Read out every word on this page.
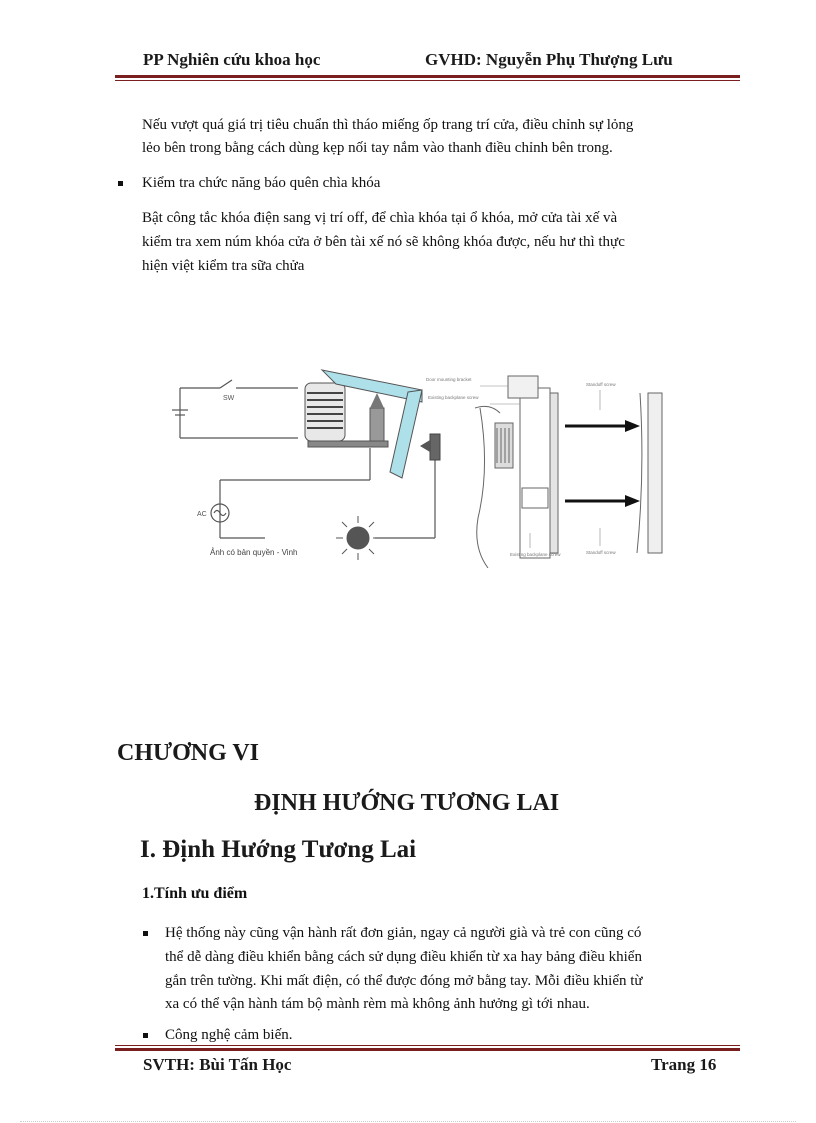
PP Nghiên cứu khoa học	GVHD: Nguyễn Phụ Thượng Lưu
Nếu vượt quá giá trị tiêu chuẩn thì tháo miếng ốp trang trí cửa, điều chỉnh sự lỏng
lẻo bên trong bằng cách dùng kẹp nối tay nắm vào thanh điều chỉnh bên trong.
Kiểm tra chức năng báo quên chìa khóa
Bật công tắc khóa điện sang vị trí off, để chìa khóa tại ổ khóa, mở cửa tài xế và
kiểm tra xem núm khóa cửa ở bên tài xế nó sẽ không khóa được, nếu hư thì thực
hiện việt kiểm tra sữa chửa
SW
AC
Ảnh có bản quyền - Vinh
Door mounting bracket
Existing backplane screw
Standoff screw
Existing backplane screw	Standoff screw
CHƯƠNG VI
ĐỊNH HƯỚNG TƯƠNG LAI
I. Định Hướng Tương Lai
1.Tính ưu điểm
Hệ thống này cũng vận hành rất đơn giản, ngay cả người già và trẻ con cũng có
thể dễ dàng điều khiển bằng cách sử dụng điều khiển từ xa hay bảng điều khiển
gắn trên tường. Khi mất điện, có thể được đóng mở bằng tay. Mỗi điều khiển từ
xa có thể vận hành tám bộ mành rèm mà không ảnh hưởng gì tới nhau.
Công nghệ cảm biến.
SVTH: Bùi Tấn Học	Trang 16
